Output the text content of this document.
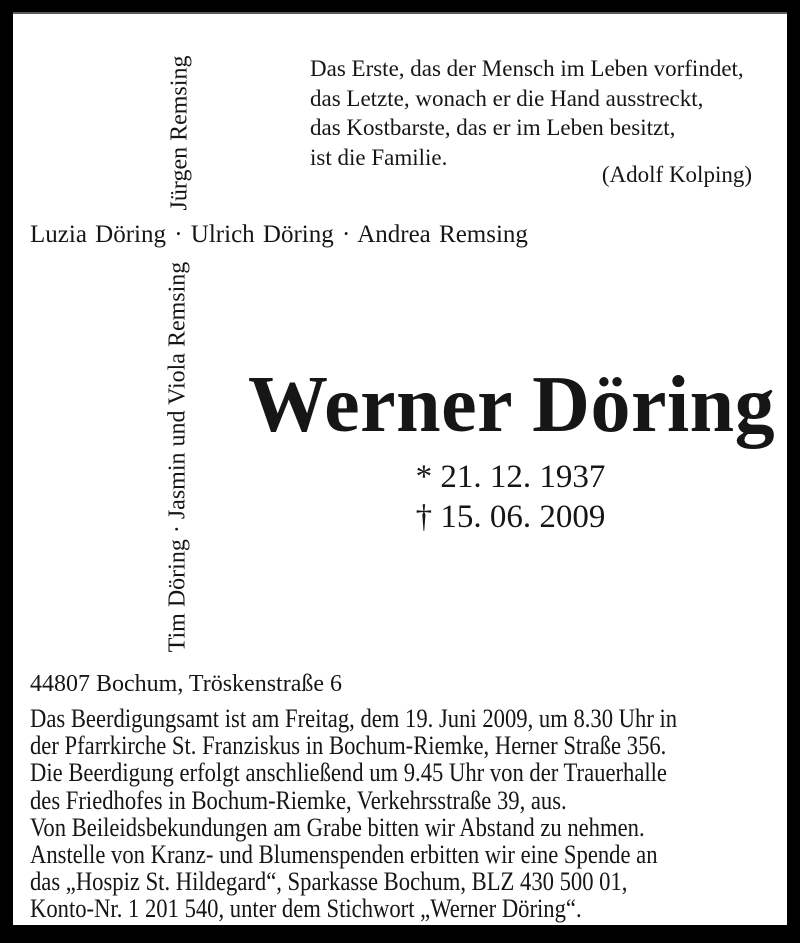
Das Erste, das der Mensch im Leben vorfindet,
das Letzte, wonach er die Hand ausstreckt,
das Kostbarste, das er im Leben besitzt,
ist die Familie.
(Adolf Kolping)
Jürgen Remsing
Luzia Döring · Ulrich Döring · Andrea Remsing
Tim Döring · Jasmin und Viola Remsing Werner Döring
* 21. 12. 1937
† 15. 06. 2009
44807 Bochum, Tröskenstraße 6
Das Beerdigungsamt ist am Freitag, dem 19. Juni 2009, um 8.30 Uhr in
der Pfarrkirche St. Franziskus in Bochum-Riemke, Herner Straße 356.
Die Beerdigung erfolgt anschließend um 9.45 Uhr von der Trauerhalle
des Friedhofes in Bochum-Riemke, Verkehrsstraße 39, aus.
Von Beileidsbekundungen am Grabe bitten wir Abstand zu nehmen.
Anstelle von Kranz- und Blumenspenden erbitten wir eine Spende an
das „Hospiz St. Hildegard“, Sparkasse Bochum, BLZ 430 500 01,
Konto-Nr. 1 201 540, unter dem Stichwort „Werner Döring“.
